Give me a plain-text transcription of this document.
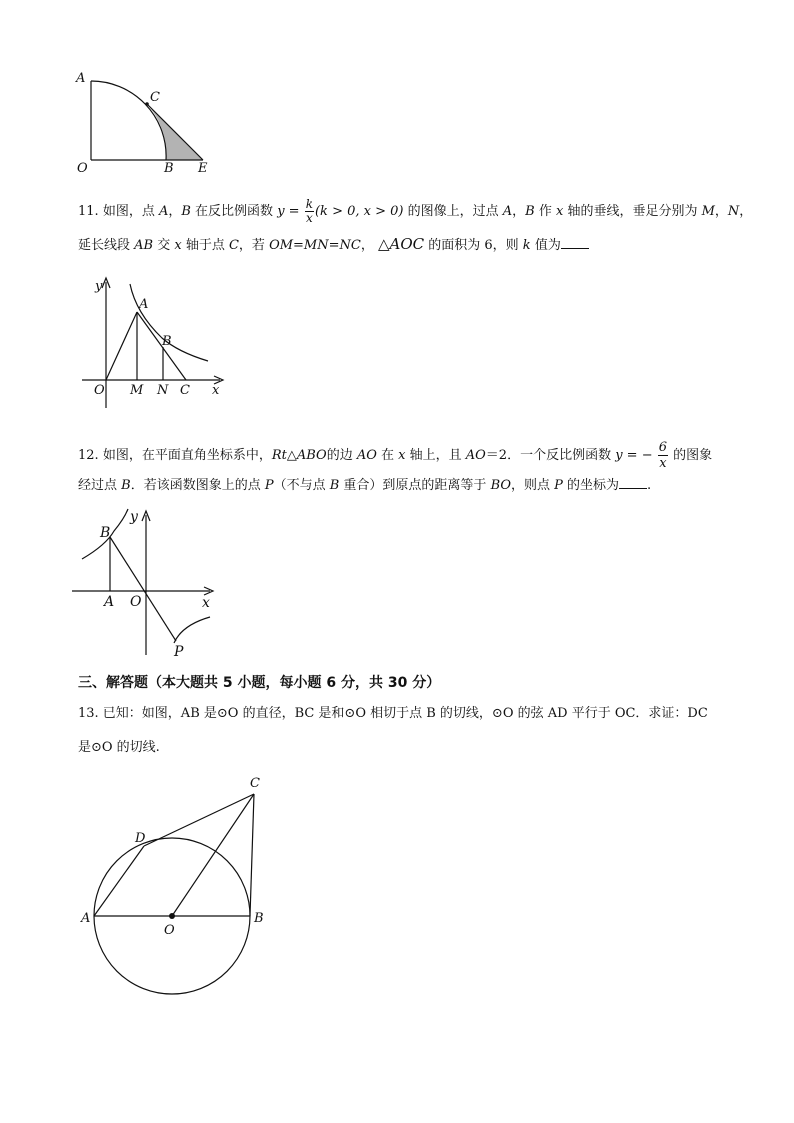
A
C
O	B E
11. 如图，点 A，B 在反比例函数 $y = \frac{k}{x} (k > 0$, x > 0) 的图像上，过点 A，B 作 x 轴的垂线，垂足分别为 M，N，
延长线段 AB 交 x 轴于点 C，若 OM=MN=NC， △AOC 的面积为 6，则 k 值为
y
A
B
O M N C x
12. 如图，在平面直角坐标系中，Rt△ABO的边 AO 在 x 轴上，且 AO＝2．一个反比例函数 y = − $\frac{6}{x}$ 的图象
经过点 B．若该函数图象上的点 P（不与点 B 重合）到原点的距离等于 BO，则点 P 的坐标为 .
B
y
A O	x
P
三、解答题（本大题共 5 小题，每小题 6 分，共 30 分）
13. 已知：如图，AB 是⊙O 的直径，BC 是和⊙O 相切于点 B 的切线，⊙O 的弦 AD 平行于 OC．求证：DC
是⊙O 的切线.
C
D
A
O
B
